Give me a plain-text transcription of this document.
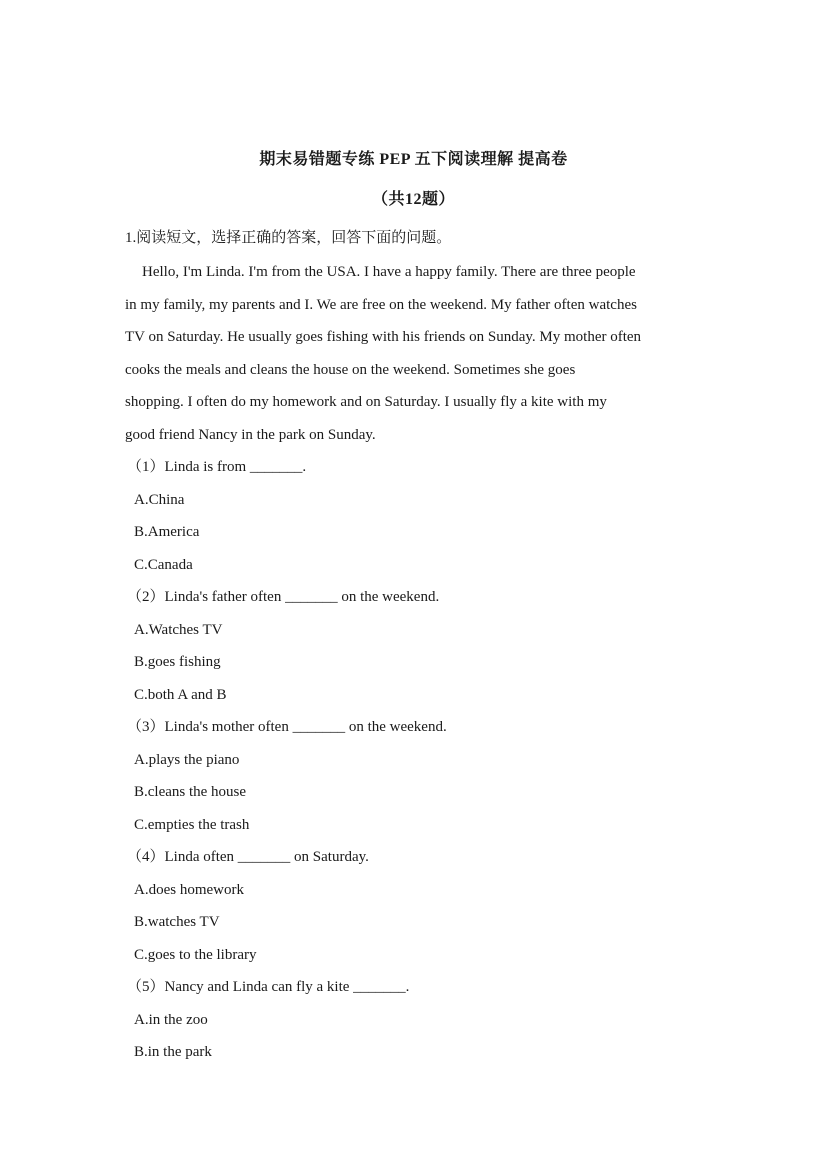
期末易错题专练 PEP 五下阅读理解 提高卷
（共12题）
1.阅读短文，选择正确的答案，回答下面的问题。
Hello, I'm Linda. I'm from the USA. I have a happy family. There are three people
in my family, my parents and I. We are free on the weekend. My father often watches
TV on Saturday. He usually goes fishing with his friends on Sunday. My mother often
cooks the meals and cleans the house on the weekend. Sometimes she goes
shopping. I often do my homework and on Saturday. I usually fly a kite with my
good friend Nancy in the park on Sunday.
（1）Linda is from _______.
A.China
B.America
C.Canada
（2）Linda's father often _______ on the weekend.
A.Watches TV
B.goes fishing
C.both A and B
（3）Linda's mother often _______ on the weekend.
A.plays the piano
B.cleans the house
C.empties the trash
（4）Linda often _______ on Saturday.
A.does homework
B.watches TV
C.goes to the library
（5）Nancy and Linda can fly a kite _______.
A.in the zoo
B.in the park
